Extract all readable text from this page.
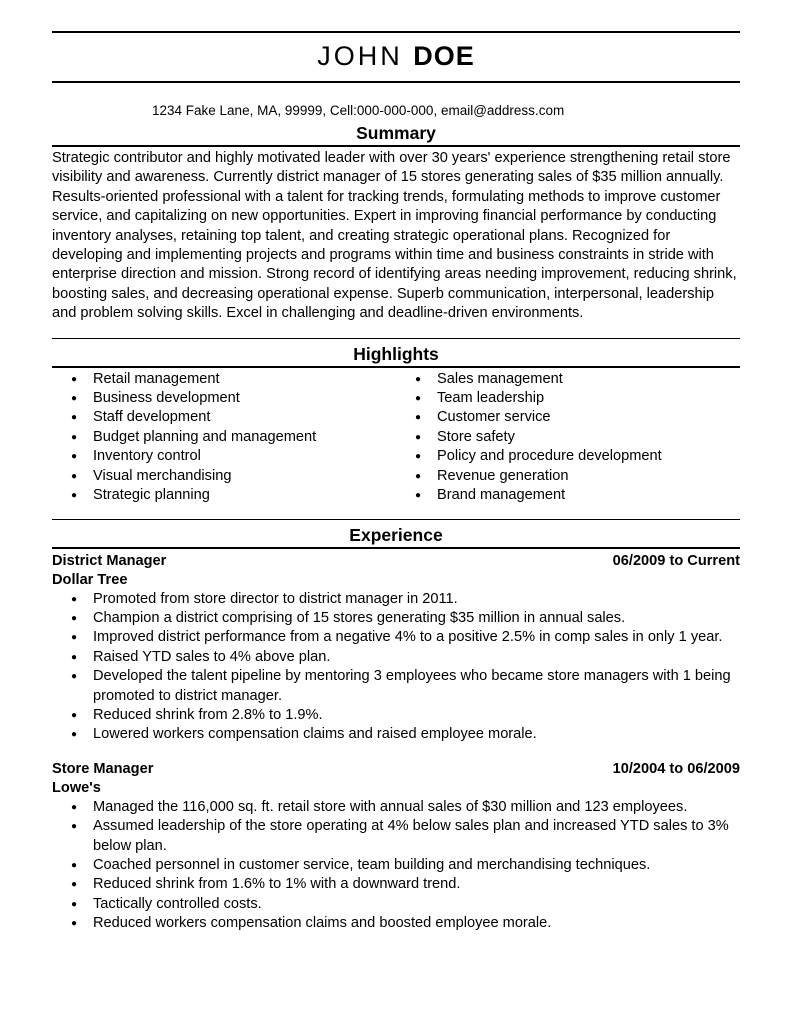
JOHN DOE

1234 Fake Lane, MA, 99999, Cell:000-000-000, email@address.com

Summary

Strategic contributor and highly motivated leader with over 30 years' experience strengthening retail store visibility and awareness. Currently district manager of 15 stores generating sales of $35 million annually. Results-oriented professional with a talent for tracking trends, formulating methods to improve customer service, and capitalizing on new opportunities. Expert in improving financial performance by conducting inventory analyses, retaining top talent, and creating strategic operational plans. Recognized for developing and implementing projects and programs within time and business constraints in stride with enterprise direction and mission. Strong record of identifying areas needing improvement, reducing shrink, boosting sales, and decreasing operational expense. Superb communication, interpersonal, leadership and problem solving skills. Excel in challenging and deadline-driven environments.

Highlights
● Retail management
● Business development
● Staff development
● Budget planning and management
● Inventory control
● Visual merchandising
● Strategic planning
● Sales management
● Team leadership
● Customer service
● Store safety
● Policy and procedure development
● Revenue generation
● Brand management
Experience
District Manager	06/2009 to Current
Dollar Tree
● Promoted from store director to district manager in 2011.
● Champion a district comprising of 15 stores generating $35 million in annual sales.
● Improved district performance from a negative 4% to a positive 2.5% in comp sales in only 1 year.
● Raised YTD sales to 4% above plan.
● Developed the talent pipeline by mentoring 3 employees who became store managers with 1 being promoted to district manager.
● Reduced shrink from 2.8% to 1.9%.
● Lowered workers compensation claims and raised employee morale.
Store Manager	10/2004 to 06/2009
Lowe's
● Managed the 116,000 sq. ft. retail store with annual sales of $30 million and 123 employees.
● Assumed leadership of the store operating at 4% below sales plan and increased YTD sales to 3% below plan.
● Coached personnel in customer service, team building and merchandising techniques.
● Reduced shrink from 1.6% to 1% with a downward trend.
● Tactically controlled costs.
● Reduced workers compensation claims and boosted employee morale.
